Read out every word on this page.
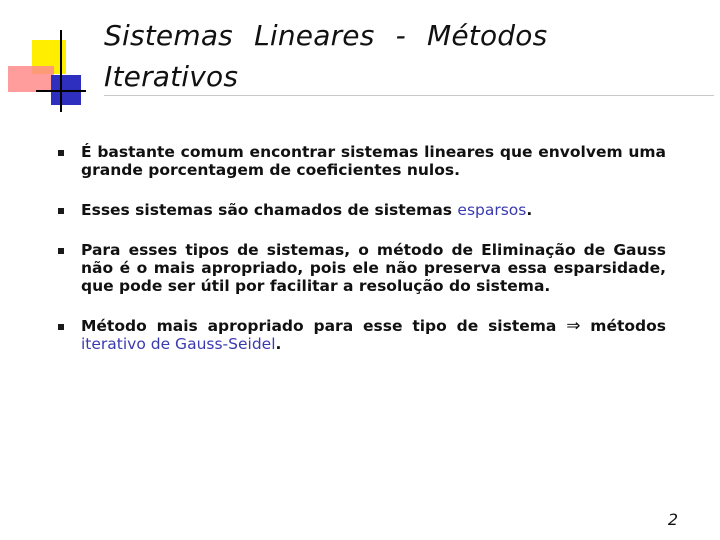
Sistemas Lineares - Métodos
Iterativos
É bastante comum encontrar sistemas lineares que envolvem uma grande porcentagem de coeficientes nulos.
Esses sistemas são chamados de sistemas esparsos.
Para esses tipos de sistemas, o método de Eliminação de Gauss não é o mais apropriado, pois ele não preserva essa esparsidade, que pode ser útil por facilitar a resolução do sistema.
Método mais apropriado para esse tipo de sistema ⇒ métodos iterativo de Gauss-Seidel.
2
